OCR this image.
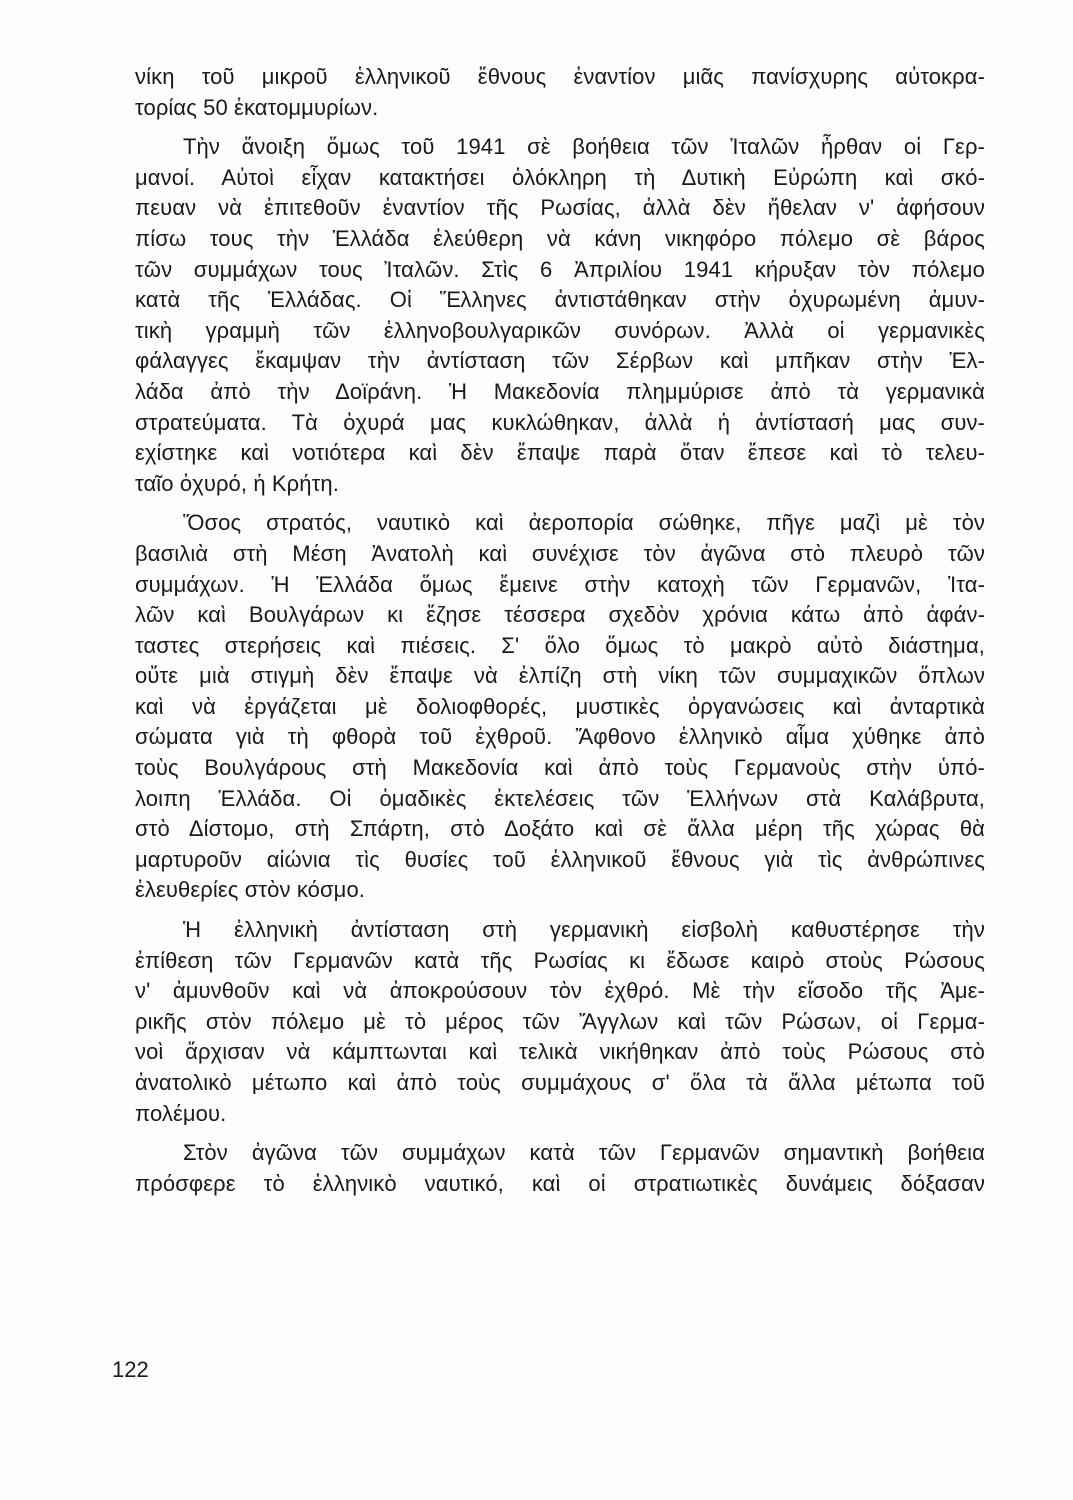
νίκη τοῦ μικροῦ ἑλληνικοῦ ἔθνους ἐναντίον μιᾶς πανίσχυρης αὐτοκρα-
τορίας 50 ἑκατομμυρίων.

Τὴν ἄνοιξη ὅμως τοῦ 1941 σὲ βοήθεια τῶν Ἰταλῶν ἦρθαν οἱ Γερ-
μανοί. Αὐτοὶ εἶχαν κατακτήσει ὁλόκληρη τὴ Δυτικὴ Εὐρώπη καὶ σκό-
πευαν νὰ ἐπιτεθοῦν ἐναντίον τῆς Ρωσίας, ἀλλὰ δὲν ἤθελαν ν' ἀφήσουν
πίσω τους τὴν Ἑλλάδα ἐλεύθερη νὰ κάνη νικηφόρο πόλεμο σὲ βάρος
τῶν συμμάχων τους Ἰταλῶν. Στὶς 6 Ἀπριλίου 1941 κήρυξαν τὸν πόλεμο
κατὰ τῆς Ἑλλάδας. Οἱ Ἕλληνες ἀντιστάθηκαν στὴν ὀχυρωμένη ἀμυν-
τικὴ γραμμὴ τῶν ἑλληνοβουλγαρικῶν συνόρων. Ἀλλὰ οἱ γερμανικὲς
φάλαγγες ἔκαμψαν τὴν ἀντίσταση τῶν Σέρβων καὶ μπῆκαν στὴν Ἑλ-
λάδα ἀπὸ τὴν Δοϊράνη. Ἡ Μακεδονία πλημμύρισε ἀπὸ τὰ γερμανικὰ
στρατεύματα. Τὰ ὀχυρά μας κυκλώθηκαν, ἀλλὰ ἡ ἀντίστασή μας συν-
εχίστηκε καὶ νοτιότερα καὶ δὲν ἔπαψε παρὰ ὅταν ἔπεσε καὶ τὸ τελευ-
ταῖο ὀχυρό, ἡ Κρήτη.

Ὅσος στρατός, ναυτικὸ καὶ ἀεροπορία σώθηκε, πῆγε μαζὶ μὲ τὸν
βασιλιὰ στὴ Μέση Ἀνατολὴ καὶ συνέχισε τὸν ἀγῶνα στὸ πλευρὸ τῶν
συμμάχων. Ἡ Ἑλλάδα ὅμως ἔμεινε στὴν κατοχὴ τῶν Γερμανῶν, Ἰτα-
λῶν καὶ Βουλγάρων κι ἔζησε τέσσερα σχεδὸν χρόνια κάτω ἀπὸ ἀφάν-
ταστες στερήσεις καὶ πιέσεις. Σ' ὅλο ὅμως τὸ μακρὸ αὐτὸ διάστημα,
οὔτε μιὰ στιγμὴ δὲν ἔπαψε νὰ ἐλπίζη στὴ νίκη τῶν συμμαχικῶν ὅπλων
καὶ νὰ ἐργάζεται μὲ δολιοφθορές, μυστικὲς ὀργανώσεις καὶ ἀνταρτικὰ
σώματα γιὰ τὴ φθορὰ τοῦ ἐχθροῦ. Ἄφθονο ἑλληνικὸ αἷμα χύθηκε ἀπὸ
τοὺς Βουλγάρους στὴ Μακεδονία καὶ ἀπὸ τοὺς Γερμανοὺς στὴν ὑπό-
λοιπη Ἑλλάδα. Οἱ ὁμαδικὲς ἐκτελέσεις τῶν Ἑλλήνων στὰ Καλάβρυτα,
στὸ Δίστομο, στὴ Σπάρτη, στὸ Δοξάτο καὶ σὲ ἄλλα μέρη τῆς χώρας θὰ
μαρτυροῦν αἰώνια τὶς θυσίες τοῦ ἑλληνικοῦ ἔθνους γιὰ τὶς ἀνθρώπινες
ἐλευθερίες στὸν κόσμο.

Ἡ ἑλληνικὴ ἀντίσταση στὴ γερμανικὴ εἰσβολὴ καθυστέρησε τὴν
ἐπίθεση τῶν Γερμανῶν κατὰ τῆς Ρωσίας κι ἔδωσε καιρὸ στοὺς Ρώσους
ν' ἀμυνθοῦν καὶ νὰ ἀποκρούσουν τὸν ἐχθρό. Μὲ τὴν εἴσοδο τῆς Ἀμε-
ρικῆς στὸν πόλεμο μὲ τὸ μέρος τῶν Ἄγγλων καὶ τῶν Ρώσων, οἱ Γερμα-
νοὶ ἄρχισαν νὰ κάμπτωνται καὶ τελικὰ νικήθηκαν ἀπὸ τοὺς Ρώσους στὸ
ἀνατολικὸ μέτωπο καὶ ἀπὸ τοὺς συμμάχους σ' ὅλα τὰ ἄλλα μέτωπα τοῦ
πολέμου.

Στὸν ἀγῶνα τῶν συμμάχων κατὰ τῶν Γερμανῶν σημαντικὴ βοήθεια
πρόσφερε τὸ ἑλληνικὸ ναυτικό, καὶ οἱ στρατιωτικὲς δυνάμεις δόξασαν

122
